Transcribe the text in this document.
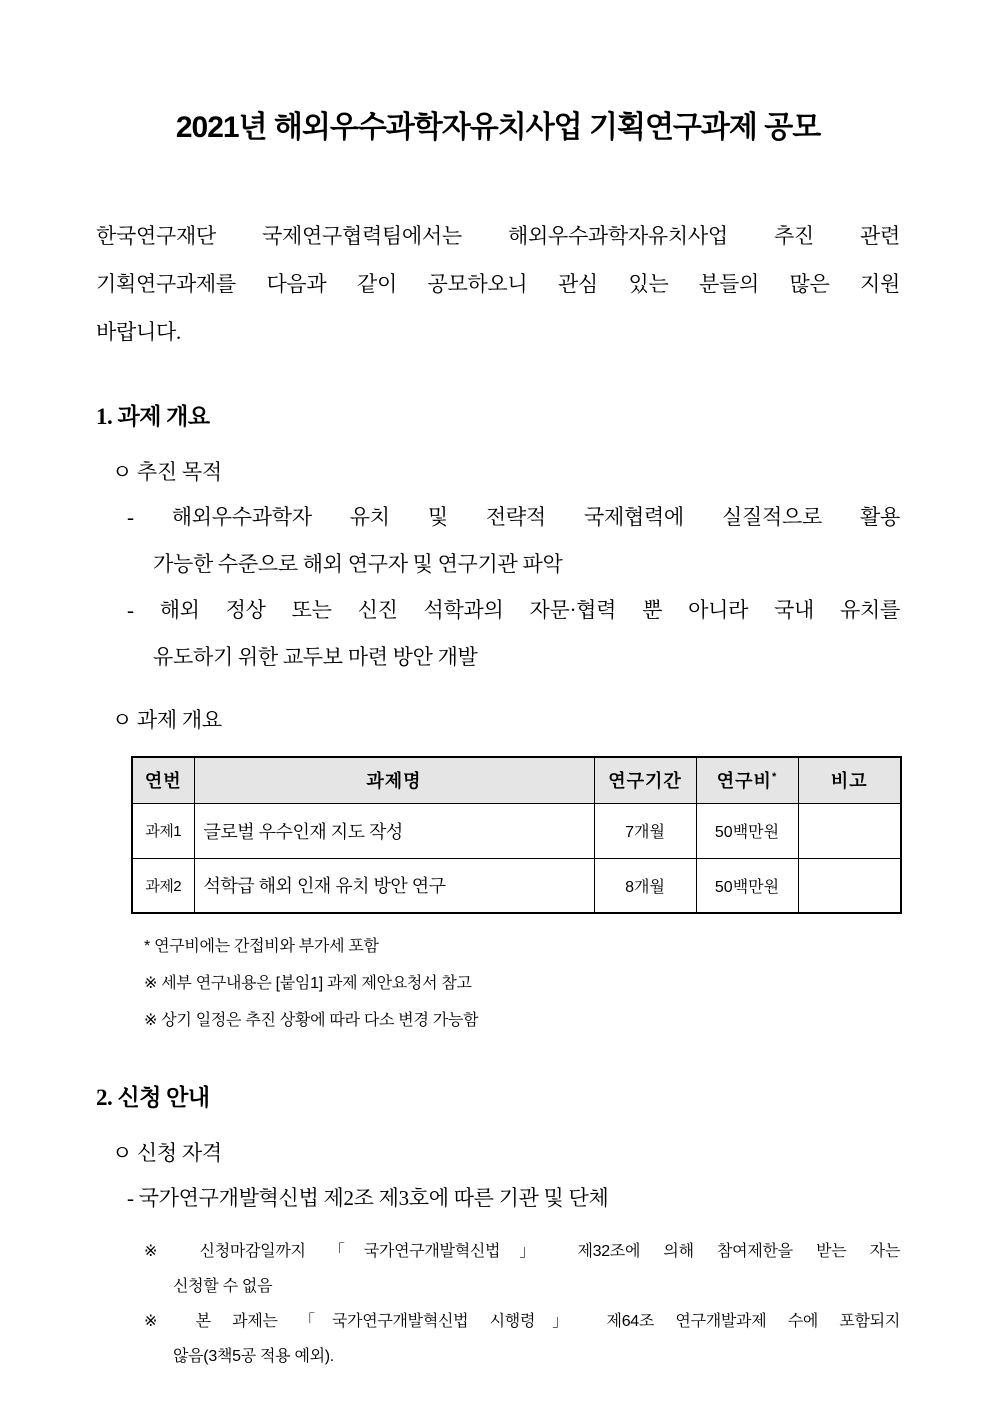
2021년 해외우수과학자유치사업 기획연구과제 공모
한국연구재단 국제연구협력팀에서는 해외우수과학자유치사업 추진 관련
기획연구과제를 다음과 같이 공모하오니 관심 있는 분들의 많은 지원
바랍니다.
1. 과제 개요
ㅇ 추진 목적
- 해외우수과학자 유치 및 전략적 국제협력에 실질적으로 활용
가능한 수준으로 해외 연구자 및 연구기관 파악
- 해외 정상 또는 신진 석학과의 자문·협력 뿐 아니라 국내 유치를
유도하기 위한 교두보 마련 방안 개발
ㅇ 과제 개요
연번	과제명	연구기간	연구비*	비고
과제1	글로벌 우수인재 지도 작성	7개월	50백만원	
과제2	석학급 해외 인재 유치 방안 연구	8개월	50백만원	
* 연구비에는 간접비와 부가세 포함
※ 세부 연구내용은 [붙임1] 과제 제안요청서 참고
※ 상기 일정은 추진 상황에 따라 다소 변경 가능함
2. 신청 안내
ㅇ 신청 자격
- 국가연구개발혁신법 제2조 제3호에 따른 기관 및 단체
※ 신청마감일까지 「국가연구개발혁신법」 제32조에 의해 참여제한을 받는 자는
신청할 수 없음
※ 본 과제는 「국가연구개발혁신법 시행령」 제64조 연구개발과제 수에 포함되지
않음(3책5공 적용 예외).
